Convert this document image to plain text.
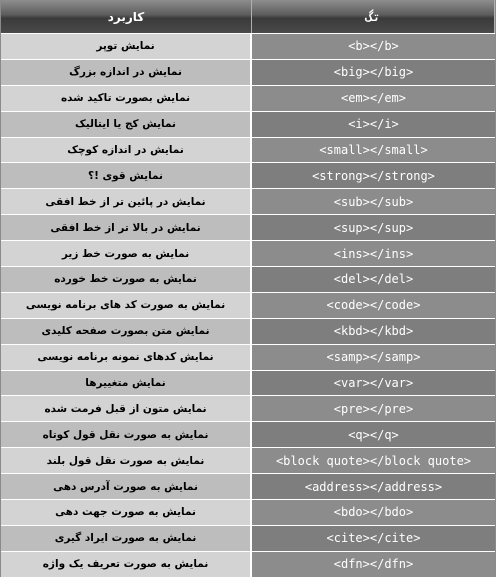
کاربرد	تگ
نمایش توپر	<b></b>
نمایش در اندازه بزرگ	<big></big>
نمایش بصورت تاکید شده	<em></em>
نمایش کج یا ایتالیک	<i></i>
نمایش در اندازه کوچک	<small></small>
نمایش قوی !؟	<strong></strong>
نمایش در پائین تر از خط افقی	<sub></sub>
نمایش در بالا تر از خط افقی	<sup></sup>
نمایش به صورت خط زیر	<ins></ins>
نمایش به صورت خط خورده	<del></del>
نمایش به صورت کد های برنامه نویسی	<code></code>
نمایش متن بصورت صفحه کلیدی	<kbd></kbd>
نمایش کدهای نمونه برنامه نویسی	<samp></samp>
نمایش متغییرها	<var></var>
نمایش متون از قبل فرمت شده	<pre></pre>
نمایش به صورت نقل قول کوتاه	<q></q>
نمایش به صورت نقل قول بلند	<block quote></block quote>
نمایش به صورت آدرس دهی	<address></address>
نمایش به صورت جهت دهی	<bdo></bdo>
نمایش به صورت ایراد گیری	<cite></cite>
نمایش به صورت تعریف یک واژه	<dfn></dfn>
